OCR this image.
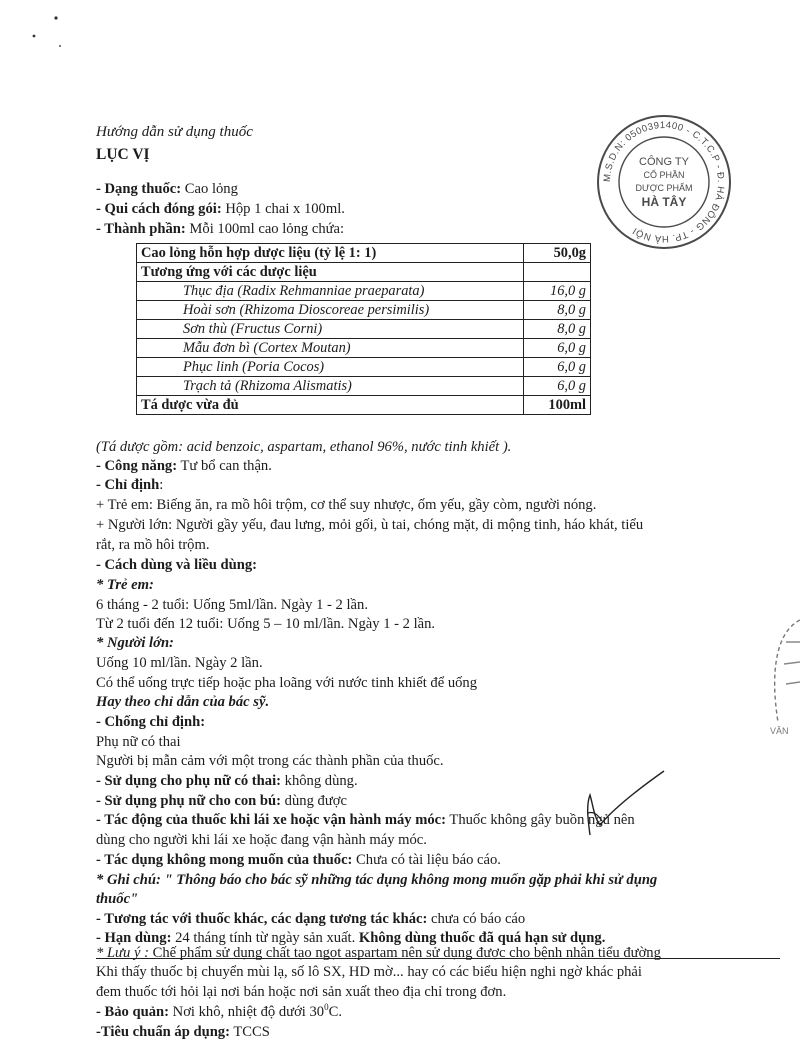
Hướng dẫn sử dụng thuốc
LỤC VỊ
M.S.D.N: 0500391400 - C.T.C.P - Đ. HÀ ĐÔNG - TP. HÀ NỘI
CÔNG TY
CỔ PHẦN
DƯỢC PHẨM
HÀ TÂY
- Dạng thuốc: Cao lỏng
- Qui cách đóng gói: Hộp 1 chai x 100ml.
- Thành phần: Mỗi 100ml cao lỏng chứa:
Cao lỏng hỗn hợp dược liệu (tỷ lệ 1: 1)	50,0g
Tương ứng với các dược liệu	
Thục địa (Radix Rehmanniae praeparata)	16,0 g
Hoài sơn (Rhizoma Dioscoreae persimilis)	8,0 g
Sơn thù (Fructus Corni)	8,0 g
Mẫu đơn bì (Cortex Moutan)	6,0 g
Phục linh (Poria Cocos)	6,0 g
Trạch tả (Rhizoma Alismatis)	6,0 g
Tá dược vừa đủ	100ml
(Tá dược gồm: acid benzoic, aspartam, ethanol 96%, nước tinh khiết ).
- Công năng: Tư bổ can thận.
- Chỉ định:
+ Trẻ em: Biếng ăn, ra mồ hôi trộm, cơ thể suy nhược, ốm yếu, gầy còm, người nóng.
+ Người lớn: Người gầy yếu, đau lưng, mỏi gối, ù tai, chóng mặt, di mộng tinh, háo khát, tiểu
rắt, ra mồ hôi trộm.
- Cách dùng và liều dùng:
* Trẻ em:
6 tháng - 2 tuổi: Uống 5ml/lần. Ngày 1 - 2 lần.
Từ 2 tuổi đến 12 tuổi: Uống 5 – 10 ml/lần. Ngày 1 - 2 lần.
* Người lớn:
Uống 10 ml/lần. Ngày 2 lần.
Có thể uống trực tiếp hoặc pha loãng với nước tinh khiết để uống
Hay theo chỉ dẫn của bác sỹ.
- Chống chỉ định:
Phụ nữ có thai
Người bị mẫn cảm với một trong các thành phần của thuốc.
- Sử dụng cho phụ nữ có thai: không dùng.
- Sử dụng phụ nữ cho con bú: dùng được
- Tác động của thuốc khi lái xe hoặc vận hành máy móc: Thuốc không gây buồn ngủ nên
dùng cho người khi lái xe hoặc đang vận hành máy móc.
- Tác dụng không mong muốn của thuốc: Chưa có tài liệu báo cáo.
* Ghi chú: " Thông báo cho bác sỹ những tác dụng không mong muốn gặp phải khi sử dụng
thuốc"
- Tương tác với thuốc khác, các dạng tương tác khác: chưa có báo cáo
- Hạn dùng: 24 tháng tính từ ngày sản xuất. Không dùng thuốc đã quá hạn sử dụng.
* Lưu ý : Chế phẩm sử dụng chất tạo ngọt aspartam nên sử dụng được cho bệnh nhân tiểu đường
Khi thấy thuốc bị chuyển mùi lạ, số lô SX, HD mờ... hay có các biểu hiện nghi ngờ khác phải
đem thuốc tới hỏi lại nơi bán hoặc nơi sản xuất theo địa chỉ trong đơn.
- Bảo quản: Nơi khô, nhiệt độ dưới $30^0C$.
-Tiêu chuẩn áp dụng: TCCS
VĂN
